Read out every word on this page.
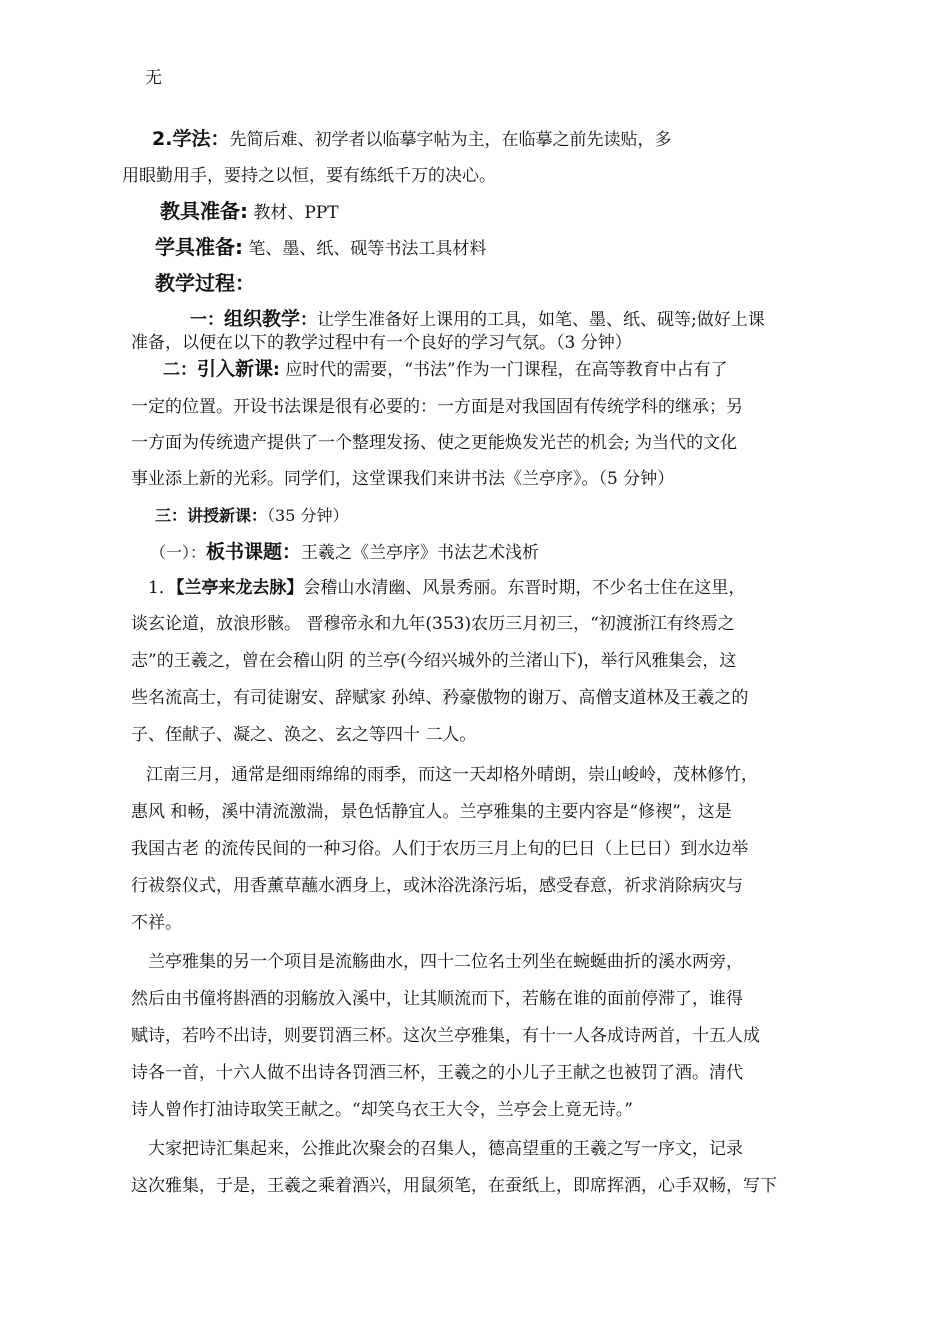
无
2.学法：先简后难、初学者以临摹字帖为主，在临摹之前先读贴，多
用眼勤用手，要持之以恒，要有练纸千万的决心。
教具准备: 教材、PPT
学具准备: 笔、墨、纸、砚等书法工具材料
教学过程：
一：组织教学：让学生准备好上课用的工具，如笔、墨、纸、砚等;做好上课
准备，以便在以下的教学过程中有一个良好的学习气氛。（3 分钟）
二：引入新课: 应时代的需要，“书法”作为一门课程，在高等教育中占有了
一定的位置。开设书法课是很有必要的：一方面是对我国固有传统学科的继承；另
一方面为传统遗产提供了一个整理发扬、使之更能焕发光芒的机会; 为当代的文化
事业添上新的光彩。同学们，这堂课我们来讲书法《兰亭序》。（5 分钟）
三：讲授新课：（35 分钟）
（一）：板书课题：王羲之《兰亭序》书法艺术浅析
1．【兰亭来龙去脉】会稽山水清幽、风景秀丽。东晋时期，不少名士住在这里，
谈玄论道，放浪形骸。 晋穆帝永和九年(353)农历三月初三，“初渡浙江有终焉之
志”的王羲之，曾在会稽山阴 的兰亭(今绍兴城外的兰渚山下)，举行风雅集会，这
些名流高士，有司徒谢安、辞赋家 孙绰、矜豪傲物的谢万、高僧支道林及王羲之的
子、侄献子、凝之、涣之、玄之等四十 二人。
江南三月，通常是细雨绵绵的雨季，而这一天却格外晴朗，崇山峻岭，茂林修竹，
惠风 和畅，溪中清流激湍，景色恬静宜人。兰亭雅集的主要内容是“修禊”，这是
我国古老 的流传民间的一种习俗。人们于农历三月上旬的巳日（上巳日）到水边举
行祓祭仪式，用香薰草蘸水洒身上，或沐浴洗涤污垢，感受春意，祈求消除病灾与
不祥。
兰亭雅集的另一个项目是流觞曲水，四十二位名士列坐在蜿蜒曲折的溪水两旁，
然后由书僮将斟酒的羽觞放入溪中，让其顺流而下，若觞在谁的面前停滞了，谁得
赋诗，若吟不出诗，则要罚酒三杯。这次兰亭雅集，有十一人各成诗两首，十五人成
诗各一首，十六人做不出诗各罚酒三杯，王羲之的小儿子王献之也被罚了酒。清代
诗人曾作打油诗取笑王献之。“却笑乌衣王大令，兰亭会上竟无诗。”
大家把诗汇集起来，公推此次聚会的召集人，德高望重的王羲之写一序文，记录
这次雅集，于是，王羲之乘着酒兴，用鼠须笔，在蚕纸上，即席挥洒，心手双畅，写下
